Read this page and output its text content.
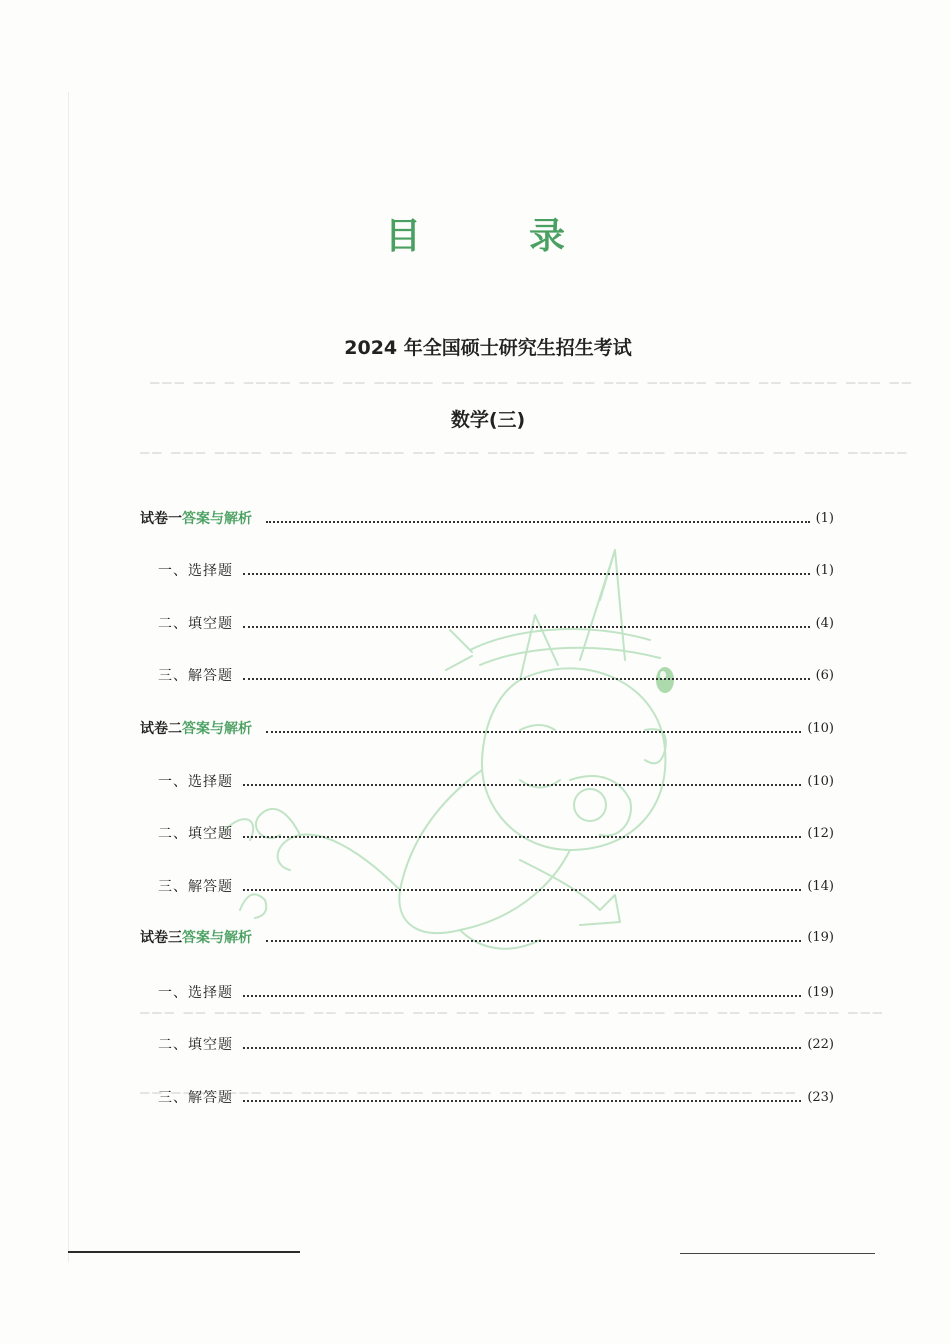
▁▁▁ ▁▁ ▁ ▁▁▁▁ ▁▁▁ ▁▁ ▁▁▁▁▁ ▁▁ ▁▁▁ ▁▁▁▁ ▁▁ ▁▁▁ ▁▁▁▁▁ ▁▁▁ ▁▁ ▁▁▁▁ ▁▁▁ ▁▁
▁▁ ▁▁▁ ▁▁▁▁ ▁▁ ▁▁▁ ▁▁▁▁▁ ▁▁ ▁▁▁ ▁▁▁▁ ▁▁▁ ▁▁ ▁▁▁▁ ▁▁▁ ▁▁▁▁ ▁▁ ▁▁▁ ▁▁▁▁▁
▁▁▁ ▁▁ ▁▁▁▁ ▁▁▁ ▁▁ ▁▁▁▁▁ ▁▁▁ ▁▁ ▁▁▁▁ ▁▁ ▁▁▁ ▁▁▁▁ ▁▁▁ ▁▁ ▁▁▁▁ ▁▁▁ ▁▁▁
▁▁ ▁▁▁▁ ▁▁▁ ▁▁ ▁▁▁▁ ▁▁▁ ▁▁ ▁▁▁▁▁ ▁▁ ▁▁▁ ▁▁▁▁ ▁▁▁ ▁▁ ▁▁▁▁ ▁▁▁
目　录
2024 年全国硕士研究生招生考试
数学(三)
试卷一 答案与解析	(1)
一、选择题	(1)
二、填空题	(4)
三、解答题	(6)
试卷二 答案与解析	(10)
一、选择题	(10)
二、填空题	(12)
三、解答题	(14)
试卷三 答案与解析	(19)
一、选择题	(19)
二、填空题	(22)
三、解答题	(23)
